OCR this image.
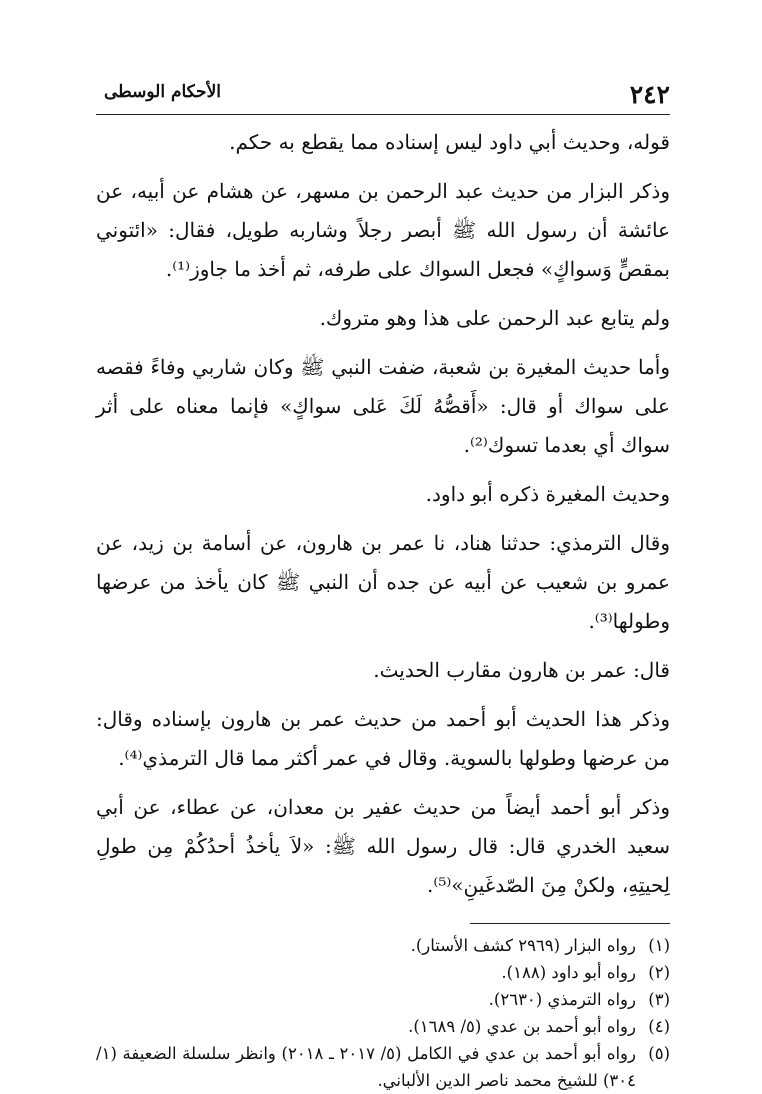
٢٤٢
الأحكام الوسطى

قوله، وحديث أبي داود ليس إسناده مما يقطع به حكم.

وذكر البزار من حديث عبد الرحمن بن مسهر، عن هشام عن أبيه، عن عائشة أن رسول الله ﷺ أبصر رجلاً وشاربه طويل، فقال: «ائتوني بمقصٍّ وَسواكٍ» فجعل السواك على طرفه، ثم أخذ ما جاوز⁽¹⁾.

ولم يتابع عبد الرحمن على هذا وهو متروك.

وأما حديث المغيرة بن شعبة، ضفت النبي ﷺ وكان شاربي وفاءً فقصه على سواك أو قال: «أَقصُّهُ لَكَ عَلى سواكٍ» فإنما معناه على أثر سواك أي بعدما تسوك⁽²⁾.

وحديث المغيرة ذكره أبو داود.

وقال الترمذي: حدثنا هناد، نا عمر بن هارون، عن أسامة بن زيد، عن عمرو بن شعيب عن أبيه عن جده أن النبي ﷺ كان يأخذ من عرضها وطولها⁽³⁾.

قال: عمر بن هارون مقارب الحديث.

وذكر هذا الحديث أبو أحمد من حديث عمر بن هارون بإسناده وقال: من عرضها وطولها بالسوية. وقال في عمر أكثر مما قال الترمذي⁽⁴⁾.

وذكر أبو أحمد أيضاً من حديث عفير بن معدان، عن عطاء، عن أبي سعيد الخدري قال: قال رسول الله ﷺ: «لاَ يأخذُ أحدُكُمْ مِن طولِ لِحيتِهِ، ولكنْ مِنَ الصّدغَينِ»⁽⁵⁾.

(١)
رواه البزار (٢٩٦٩ كشف الأستار).
(٢)
رواه أبو داود (١٨٨).
(٣)
رواه الترمذي (٢٦٣٠).
(٤)
رواه أبو أحمد بن عدي (٥/ ١٦٨٩).
(٥)
رواه أبو أحمد بن عدي في الكامل (٥/ ٢٠١٧ ـ ٢٠١٨) وانظر سلسلة الضعيفة (١/ ٣٠٤) للشيخ محمد ناصر الدين الألباني.
